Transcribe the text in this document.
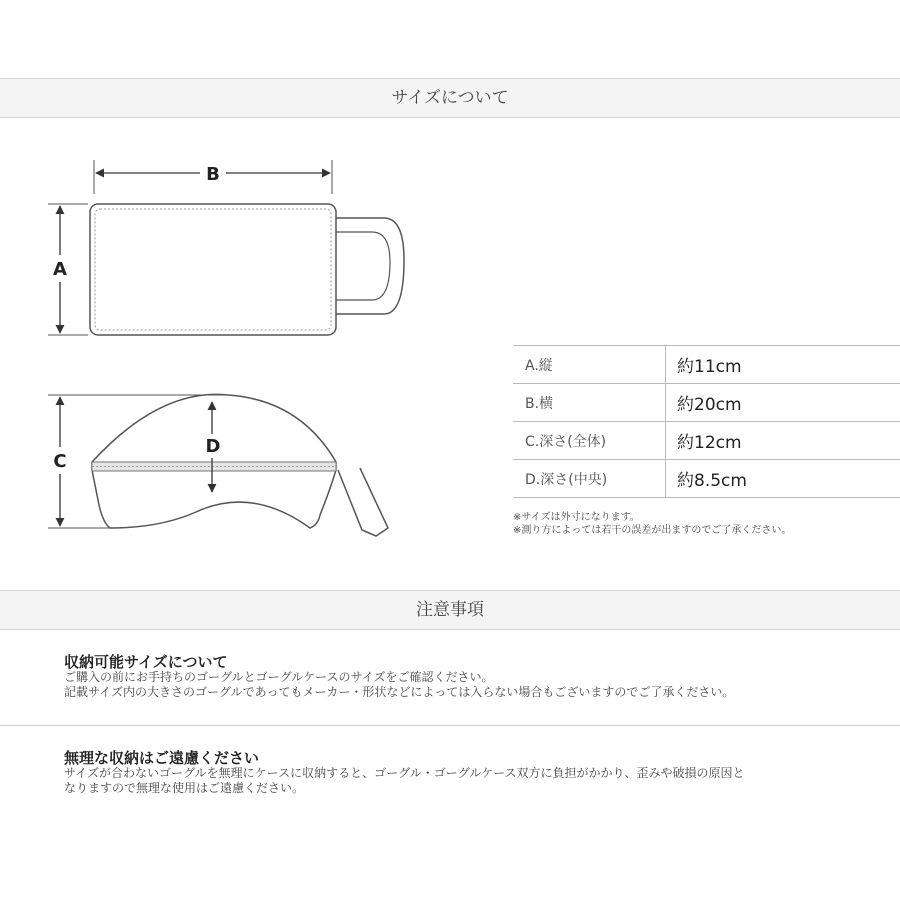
サイズについて
B
A
C
D
A.縦	約11cm
B.横	約20cm
C.深さ(全体)	約12cm
D.深さ(中央)	約8.5cm
※サイズは外寸になります。
※測り方によっては若干の誤差が出ますのでご了承ください。
注意事項
収納可能サイズについて
ご購入の前にお手持ちのゴーグルとゴーグルケースのサイズをご確認ください。
記載サイズ内の大きさのゴーグルであってもメーカー・形状などによっては入らない場合もございますのでご了承ください。
無理な収納はご遠慮ください
サイズが合わないゴーグルを無理にケースに収納すると、ゴーグル・ゴーグルケース双方に負担がかかり、歪みや破損の原因と
なりますので無理な使用はご遠慮ください。
